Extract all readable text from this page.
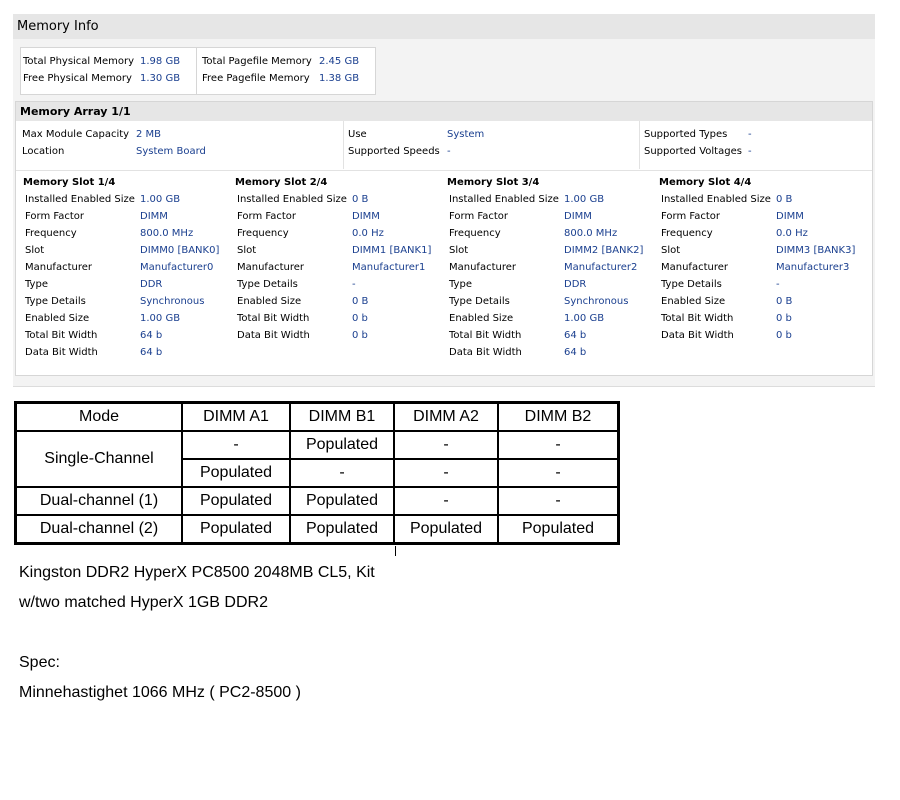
Memory Info
Total Physical Memory 1.98 GB
Free Physical Memory 1.30 GB
Total Pagefile Memory 2.45 GB
Free Pagefile Memory 1.38 GB
Memory Array 1/1
Max Module Capacity 2 MB
Location	System Board
Use	System
Supported Speeds -
Supported Types -
Supported Voltages -
Memory Slot 1/4
Installed Enabled Size 1.00 GB
Form Factor	DIMM
Frequency	800.0 MHz
Slot	DIMM0 [BANK0]
Manufacturer	Manufacturer0
Type	DDR
Type Details	Synchronous
Enabled Size	1.00 GB
Total Bit Width	64 b
Data Bit Width	64 b
Memory Slot 2/4
Installed Enabled Size 0 B
Form Factor	DIMM
Frequency	0.0 Hz
Slot	DIMM1 [BANK1]
Manufacturer	Manufacturer1
Type Details	-
Enabled Size	0 B
Total Bit Width	0 b
Data Bit Width	0 b
Memory Slot 3/4
Installed Enabled Size 1.00 GB
Form Factor	DIMM
Frequency	800.0 MHz
Slot	DIMM2 [BANK2]
Manufacturer	Manufacturer2
Type	DDR
Type Details	Synchronous
Enabled Size	1.00 GB
Total Bit Width	64 b
Data Bit Width	64 b
Memory Slot 4/4
Installed Enabled Size 0 B
Form Factor	DIMM
Frequency	0.0 Hz
Slot	DIMM3 [BANK3]
Manufacturer	Manufacturer3
Type Details	-
Enabled Size	0 B
Total Bit Width	0 b
Data Bit Width	0 b
Mode	DIMM A1	DIMM B1	DIMM A2	DIMM B2
Single-Channel	-	Populated	-	-
	Populated	-	-	-
Dual-channel (1)	Populated	Populated	-	-
Dual-channel (2)	Populated	Populated	Populated	Populated
Kingston DDR2 HyperX PC8500 2048MB CL5, Kit
w/two matched HyperX 1GB DDR2
Spec:
Minnehastighet 1066 MHz ( PC2-8500 )
